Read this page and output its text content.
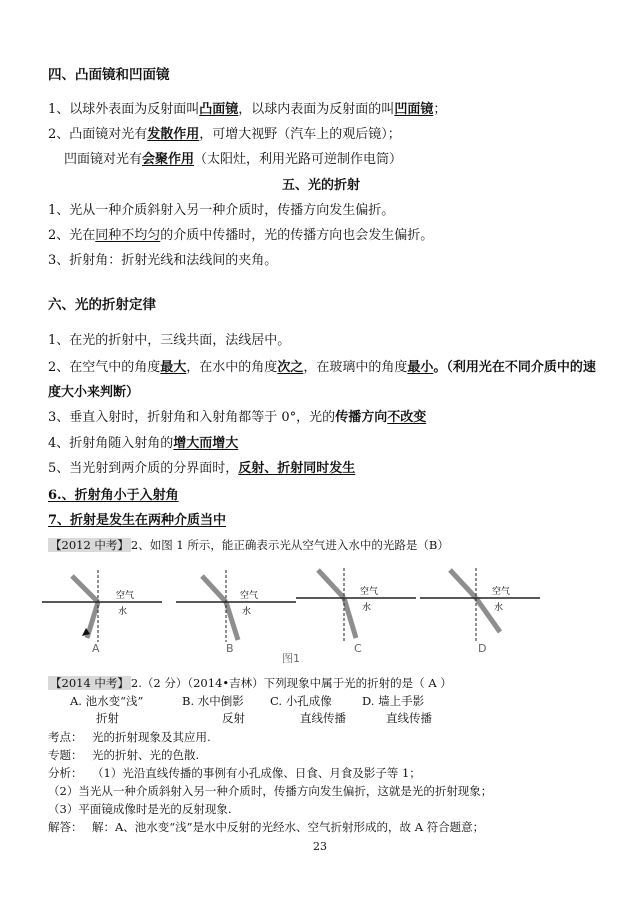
四、凸面镜和凹面镜
1、以球外表面为反射面叫凸面镜，以球内表面为反射面的叫凹面镜；
2、凸面镜对光有发散作用，可增大视野（汽车上的观后镜）；
凹面镜对光有会聚作用（太阳灶，利用光路可逆制作电筒）
五、光的折射
1、光从一种介质斜射入另一种介质时，传播方向发生偏折。
2、光在同种不均匀的介质中传播时，光的传播方向也会发生偏折。
3、折射角：折射光线和法线间的夹角。
六、光的折射定律
1、在光的折射中，三线共面，法线居中。
2、在空气中的角度最大，在水中的角度次之，在玻璃中的角度最小。（利用光在不同介质中的速
度大小来判断）
3、垂直入射时，折射角和入射角都等于 0°，光的传播方向不改变
4、折射角随入射角的增大而增大
5、当光射到两介质的分界面时，反射、折射同时发生
6.、折射角小于入射角
7、折射是发生在两种介质当中
【2012 中考】 2、如图 1 所示，能正确表示光从空气进入水中的光路是（B）
空气
水
空气
水
空气
水
空气
水
A	B
图1
C	D
【2014 中考】 2.（2 分）（2014•吉林）下列现象中属于光的折射的是（ A ）
A. 池水变“浅”	B. 水中倒影 C. 小孔成像	D. 墙上手影
折射	反射	直线传播	直线传播
考点： 光的折射现象及其应用.
专题： 光的折射、光的色散.
分析： （1）光沿直线传播的事例有小孔成像、日食、月食及影子等 1；
（2）当光从一种介质斜射入另一种介质时，传播方向发生偏折，这就是光的折射现象；
（3）平面镜成像时是光的反射现象.
解答： 解：A、池水变“浅”是水中反射的光经水、空气折射形成的，故 A 符合题意；
23
